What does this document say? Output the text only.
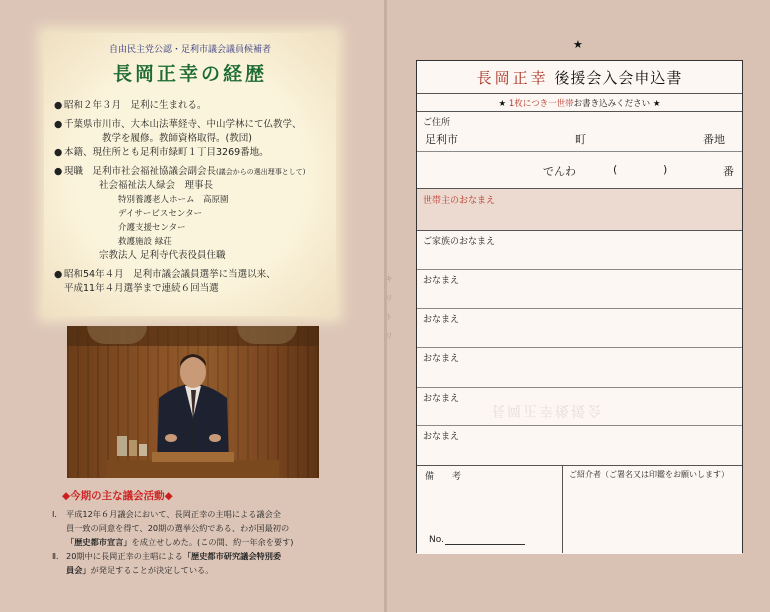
自由民主党公認・足利市議会議員候補者
長岡正幸の経歴
● 昭和２年３月　足利に生まれる。
● 千葉県市川市、大本山法華経寺、中山学林にて仏教学、
　　　　教学を履修。教師資格取得。(教団)
● 本籍、現住所とも足利市緑町１丁目3269番地。
● 現職　足利市社会福祉協議会副会長(議会からの選出理事として)
社会福祉法人緑会　理事長
特別養護老人ホーム　高原園
デイサービスセンター
介護支援センター
救護施設 緑荘
宗教法人 足利寺代表役員住職
● 昭和54年４月　足利市議会議員選挙に当選以来、
平成11年４月選挙まで連続６回当選
◆今期の主な議会活動◆
Ⅰ． 平成12年６月議会において、長岡正幸の主唱による議会全
員一致の同意を得て、20期の選挙公約である、わが国最初の
「歴史都市宣言」を成立せしめた。(この間、約一年余を要す)
Ⅱ． 20期中に長岡正幸の主唱による「歴史都市研究議会特別委
員会」が発足することが決定している。
キ
リ
ト
リ
★
長岡正幸 後援会入会申込書
★ 1枚につき一世帯お書き込みください ★
ご住所
足利市	町	番地
でんわ	(	)	番
世帯主のおなまえ
ご家族のおなまえ
おなまえ
おなまえ
おなまえ
おなまえ
おなまえ
長岡正幸後援会
備　　考	ご紹介者（ご署名又は印鑑をお願いします）
No.
